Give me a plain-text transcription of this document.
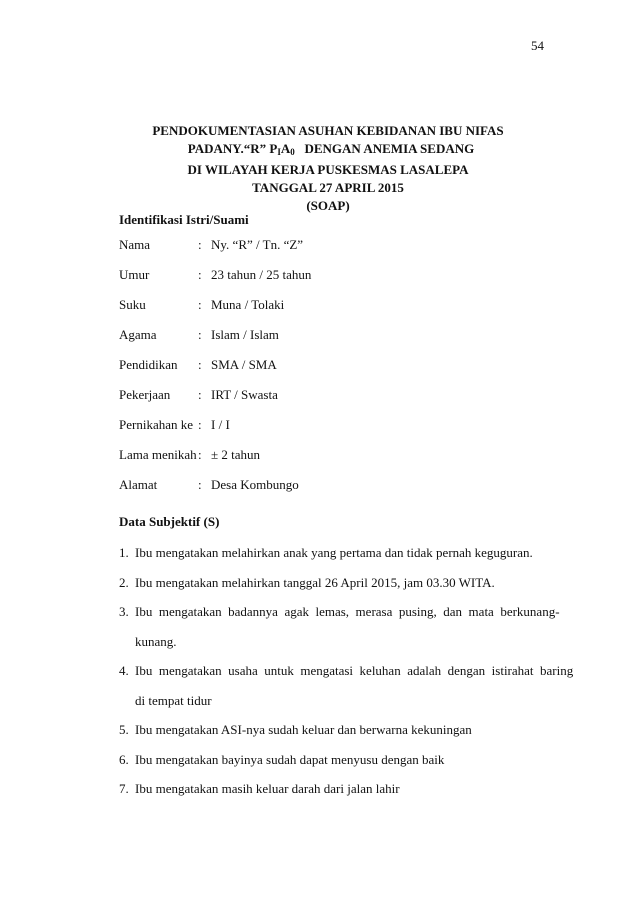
54
PENDOKUMENTASIAN ASUHAN KEBIDANAN IBU NIFAS
PADANY.“R” $P_IA_0$   DENGAN ANEMIA SEDANG
DI WILAYAH KERJA PUSKESMAS LASALEPA
TANGGAL 27 APRIL 2015
(SOAP)
Identifikasi Istri/Suami
Nama	: Ny. “R” / Tn. “Z”
Umur	: 23 tahun / 25 tahun
Suku	: Muna / Tolaki
Agama	: Islam / Islam
Pendidikan : SMA / SMA
Pekerjaan : IRT / Swasta
Pernikahan ke : I / I
Lama menikah : ± 2 tahun
Alamat	: Desa Kombungo
Data Subjektif (S)
1. Ibu mengatakan melahirkan anak yang pertama dan tidak pernah keguguran.
2. Ibu mengatakan melahirkan tanggal 26 April 2015, jam 03.30 WITA.
3. Ibu  mengatakan  badannya  agak  lemas,  merasa  pusing,  dan  mata  berkunang-
kunang.
4. Ibu  mengatakan  usaha  untuk  mengatasi  keluhan  adalah  dengan  istirahat  baring
di tempat tidur
5. Ibu mengatakan ASI-nya sudah keluar dan berwarna kekuningan
6. Ibu mengatakan bayinya sudah dapat menyusu dengan baik
7. Ibu mengatakan masih keluar darah dari jalan lahir
